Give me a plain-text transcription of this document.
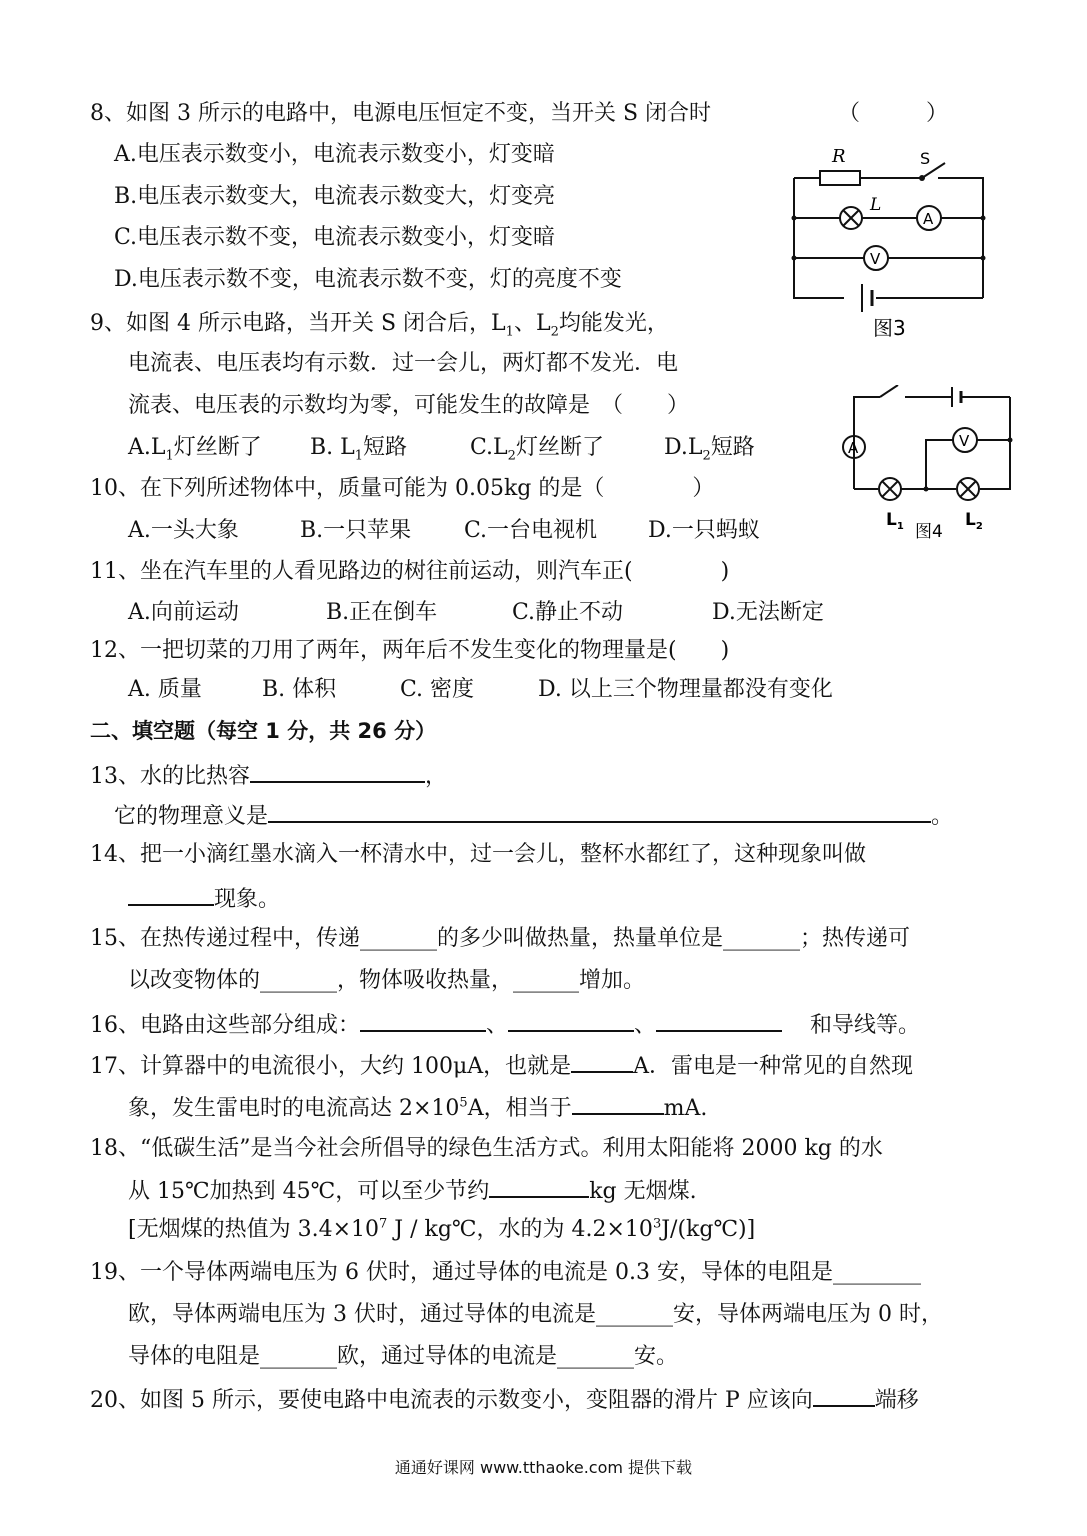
8、如图 3 所示的电路中，电源电压恒定不变，当开关 S 闭合时	（　　　）
A.电压表示数变小，电流表示数变小，灯变暗
B.电压表示数变大，电流表示数变大，灯变亮
C.电压表示数不变，电流表示数变小，灯变暗
D.电压表示数不变，电流表示数不变，灯的亮度不变
R	S
L
A
V
图3
9、如图 4 所示电路，当开关 S 闭合后，$L_1$、$L_2$均能发光，
电流表、电压表均有示数．过一会儿，两灯都不发光．电
流表、电压表的示数均为零，可能发生的故障是　（　　）
$A.L_1$灯丝断了 B. $L_1$短路	$C.L_2$灯丝断了	$D.L_2$短路	A	V
$L_1$ 图4
$L_2$
10、在下列所述物体中，质量可能为 0.05kg 的是（　　　　）
A.一头大象	B.一只苹果 C.一台电视机 D.一只蚂蚁
11、坐在汽车里的人看见路边的树往前运动，则汽车正(　　　　)
A.向前运动	B.正在倒车	C.静止不动	D.无法断定
12、一把切菜的刀用了两年，两年后不发生变化的物理量是(　　)
A. 质量	B. 体积	C. 密度	D. 以上三个物理量都没有变化
二、填空题（每空 1 分，共 26 分）
13、水的比热容	，
它的物理意义是	。
14、把一小滴红墨水滴入一杯清水中，过一会儿，整杯水都红了，这种现象叫做
现象。
15、在热传递过程中，传递_______的多少叫做热量，热量单位是_______；热传递可
以改变物体的_______，物体吸收热量，______增加。
16、电路由这些部分组成：	、	、	和导线等。
17、计算器中的电流很小，大约 100μA，也就是	A．雷电是一种常见的自然现
象，发生雷电时的电流高达 $2\times 10^5A$，相当于	mA.
18、“低碳生活”是当今社会所倡导的绿色生活方式。利用太阳能将 2000 kg 的水
从 15℃加热到 45℃，可以至少节约	kg 无烟煤.
[无烟煤的热值为 $3.4\times 10^7$ J / kg℃，水的为 $4.2\times 10^3J/(kg℃)$]
19、一个导体两端电压为 6 伏时，通过导体的电流是 0.3 安，导体的电阻是________
欧，导体两端电压为 3 伏时，通过导体的电流是_______安，导体两端电压为 0 时，
导体的电阻是_______欧，通过导体的电流是_______安。
20、如图 5 所示，要使电路中电流表的示数变小，变阻器的滑片 P 应该向	端移
通通好课网 www.tthaoke.com 提供下载
